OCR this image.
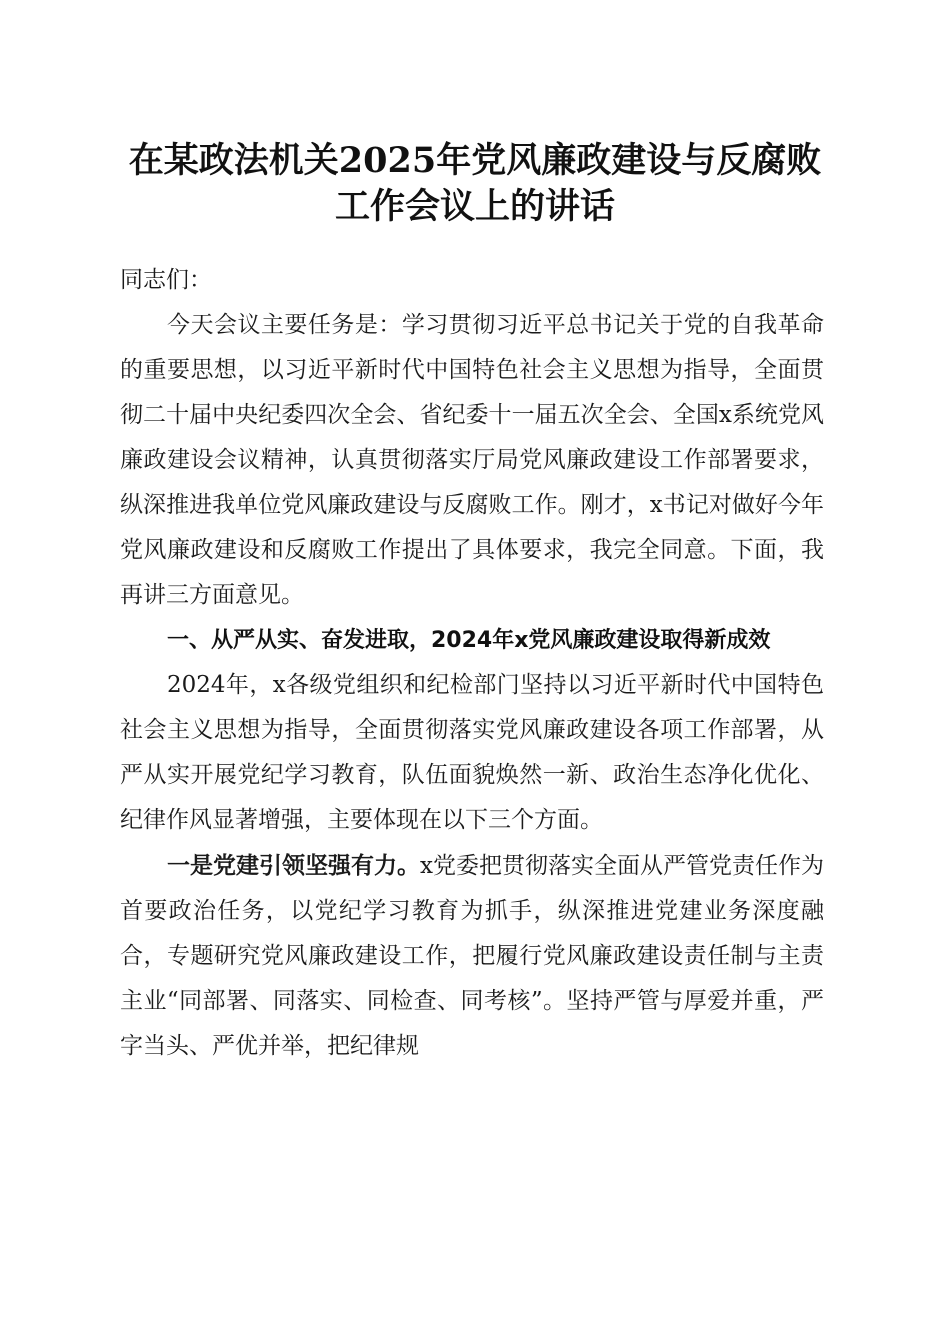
在某政法机关2025年党风廉政建设与反腐败
工作会议上的讲话

同志们：

今天会议主要任务是：学习贯彻习近平总书记关于党的自我革命的重要思想，以习近平新时代中国特色社会主义思想为指导，全面贯彻二十届中央纪委四次全会、省纪委十一届五次全会、全国x系统党风廉政建设会议精神，认真贯彻落实厅局党风廉政建设工作部署要求，纵深推进我单位党风廉政建设与反腐败工作。刚才，x书记对做好今年党风廉政建设和反腐败工作提出了具体要求，我完全同意。下面，我再讲三方面意见。

一、从严从实、奋发进取，2024年x党风廉政建设取得新成效

2024年，x各级党组织和纪检部门坚持以习近平新时代中国特色社会主义思想为指导，全面贯彻落实党风廉政建设各项工作部署，从严从实开展党纪学习教育，队伍面貌焕然一新、政治生态净化优化、纪律作风显著增强，主要体现在以下三个方面。

一是党建引领坚强有力。x党委把贯彻落实全面从严管党责任作为首要政治任务，以党纪学习教育为抓手，纵深推进党建业务深度融合，专题研究党风廉政建设工作，把履行党风廉政建设责任制与主责主业“同部署、同落实、同检查、同考核”。坚持严管与厚爱并重，严字当头、严优并举，把纪律规
